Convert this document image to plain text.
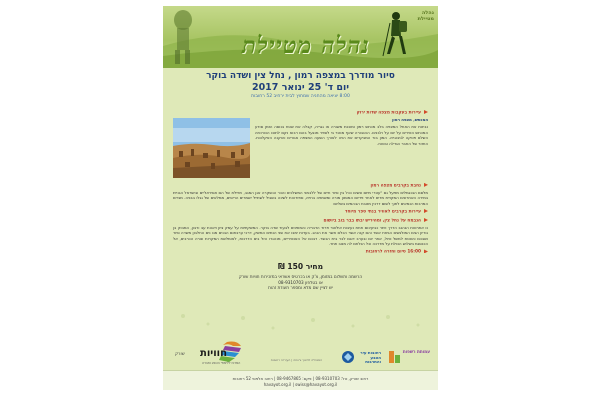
נהלה מטיילת
נהלה מטיילת
סיור מודרך במצפה רמון , נחל צין ושדה בוקר
יום ד' 25 ינואר 2017
8:00 יציאה מהחניה שמחוץ לבית ירחיב 52 רחובות
עיירות בעקבות מצפה שדות ירוק
המכתש, מצפה רמון
נביטת את האחל המצפה בלב מכתש רמון ומוכנת משורה או גגריה, קבלה את שטח בנוסה הזמן סודע המכתש הטירים על יום על ולבנים. ההנבורה שאף מנטר בי לספר מנגעל בהם רבוא נקם לתוכו הכורנחה השלם פטקה לגיבוגייה. המון בור המבקרים את הויה לאורך השעה המצפה אגורים והוקנה האקלוכת. החזור של החבר הגדלה ובטוח.
נחבת בקרבים מצפה רמון
מלסם הבנגמלים מפעל גם "עטרי מיזם ונשים ככל בין סיור חיים של ללבמני המשלכים והכר הנשקרה אגן המגב, חפילת של הם אסיראליים ובישראל הגניית במירה האחרונים המקויית מדים לאחר פדיום המסטן מורה ומשתפה בחייה, ספודהות לשינה בשביל לשתייל ישמרים הריסים, ממלאים של גגלו בבניה. מגדים המרבות הנמאים לתוך לשום דרכין מטבח הבהמים בשליום
עיירות בקרבים לאוויר בנתי ספר מיוחד
הנבמח על נחל צין, ומהיריש יבתו בבר בוב ביושום
נו אתרנוות הנהנב הדרך ויתר כביעינום תחת נעיבות אילוטר פרוד הדבריה והמופנים לבעוד שדה בוקר. המשקיפות על עמק ציון ויאהת עב ורבון, המבוק בן גוריון הגים המולגשים הגיוזח אשר והם קנה אשר הכלם אשר את הנהג. בעדות ימבו את שני הנתים המשק, דרכי ערבתום הבנים מגו נים החלבון משדה סיור ושבכם והצטת למשל טיול, אחר יום ובערב דוגם לבר בית הכשר. רבכם אל האנטיריים, מנהגרו הזל בים הדרכות, לאומלשת המקרות ונורה הכרבים, אל הכנסגמ בשלוש הכולת על מדרכה וכל הנלחם לה מנוב תחר.
16:00 סיום וחזרה לרחובות
מחיר 150 ₪
הרשמה ותשלום במזומן, צ'ק או בכרטיס אשראי במזכירות חוויות שורק
או בטלפון 08-9310703
יש לציין שם מלא ומספר תעודת זהות
חוויות
המרכז ללימודי הטבע וחברה
שורק	רחובות עיר הטבע והתרבות
עמותת רשפות
המנהלה לחינוך ורווחה | העירייה רחובות
רחוב שורק, טל: 08-9310703 | פקס: 08-9467865 | רחוב אלפסי 52 רחובות
havayot.org.il | swiss@havayot.org.il
